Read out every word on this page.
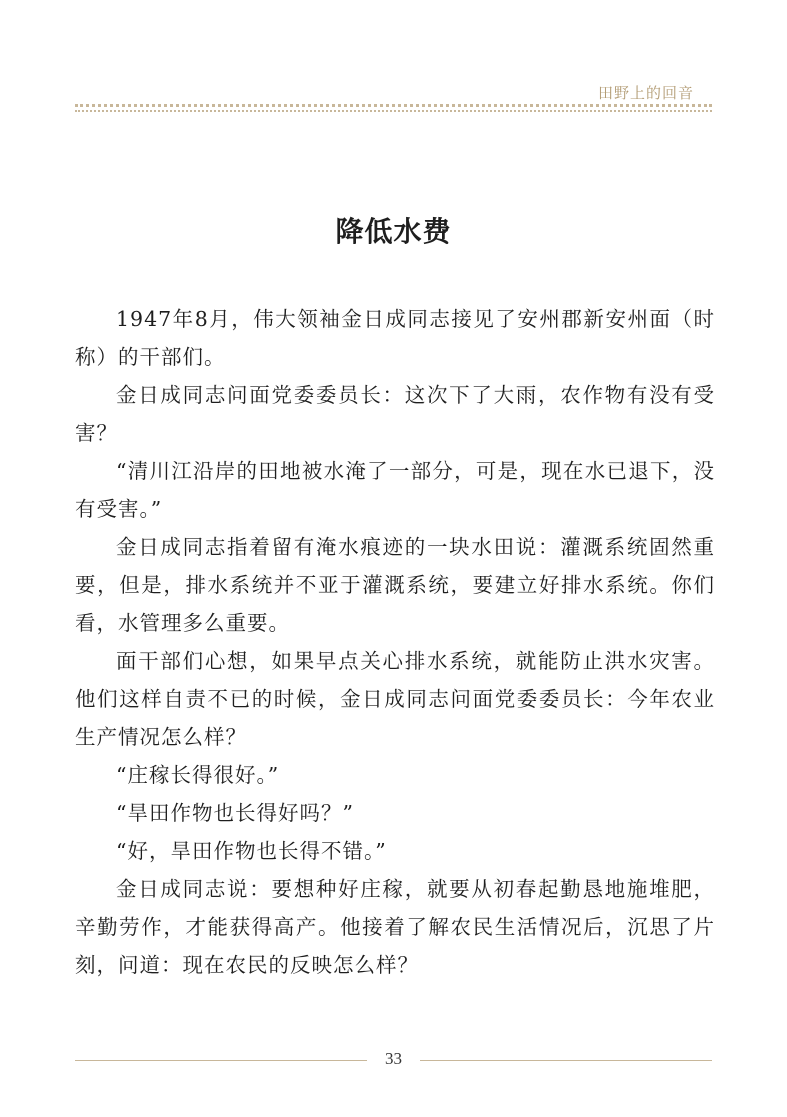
田野上的回音
降低水费

1947年8月，伟大领袖金日成同志接见了安州郡新安州面（时称）的干部们。

金日成同志问面党委委员长：这次下了大雨，农作物有没有受害？

“清川江沿岸的田地被水淹了一部分，可是，现在水已退下，没有受害。”

金日成同志指着留有淹水痕迹的一块水田说：灌溉系统固然重要，但是，排水系统并不亚于灌溉系统，要建立好排水系统。你们看，水管理多么重要。

面干部们心想，如果早点关心排水系统，就能防止洪水灾害。他们这样自责不已的时候，金日成同志问面党委委员长：今年农业生产情况怎么样？

“庄稼长得很好。”

“旱田作物也长得好吗？”

“好，旱田作物也长得不错。”

金日成同志说：要想种好庄稼，就要从初春起勤恳地施堆肥，辛勤劳作，才能获得高产。他接着了解农民生活情况后，沉思了片刻，问道：现在农民的反映怎么样？

33
